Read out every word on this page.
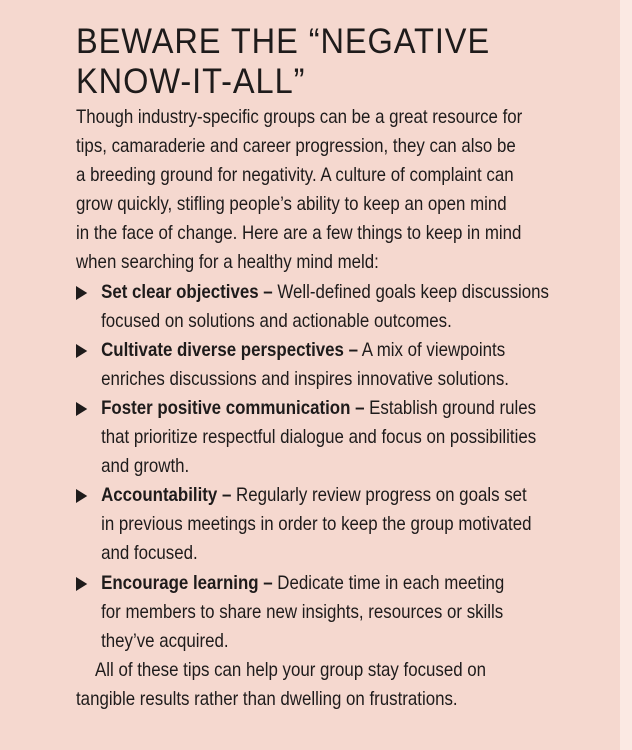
BEWARE THE “NEGATIVE
KNOW-IT-ALL”
Though industry-specific groups can be a great resource for
tips, camaraderie and career progression, they can also be
a breeding ground for negativity. A culture of complaint can
grow quickly, stifling people’s ability to keep an open mind
in the face of change. Here are a few things to keep in mind
when searching for a healthy mind meld:
Set clear objectives – Well-defined goals keep discussions
focused on solutions and actionable outcomes.
Cultivate diverse perspectives – A mix of viewpoints
enriches discussions and inspires innovative solutions.
Foster positive communication – Establish ground rules
that prioritize respectful dialogue and focus on possibilities
and growth.
Accountability – Regularly review progress on goals set
in previous meetings in order to keep the group motivated
and focused.
Encourage learning – Dedicate time in each meeting
for members to share new insights, resources or skills
they’ve acquired.
All of these tips can help your group stay focused on
tangible results rather than dwelling on frustrations.
